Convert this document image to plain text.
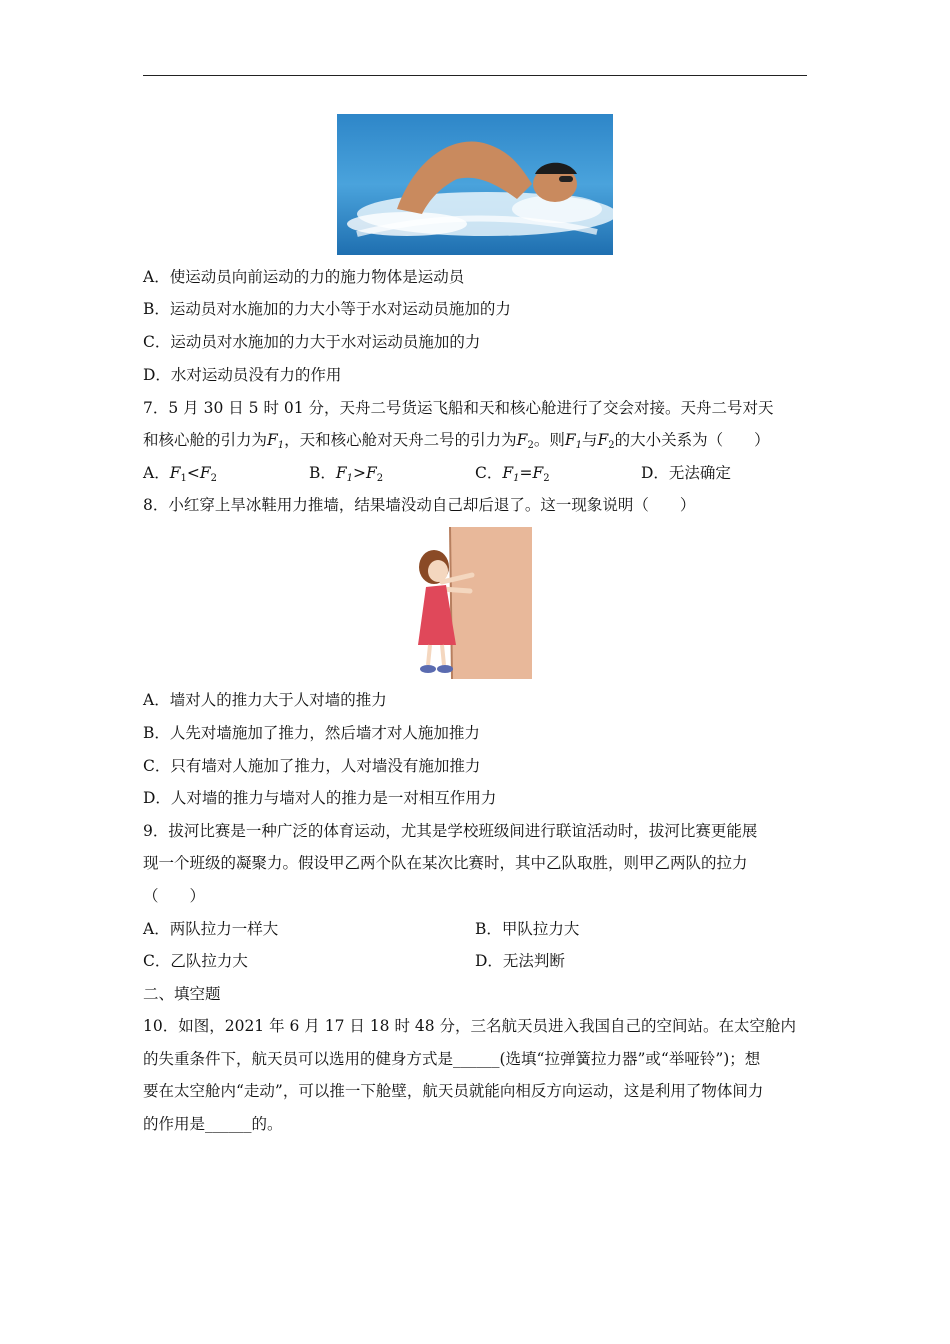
A．使运动员向前运动的力的施力物体是运动员
B．运动员对水施加的力大小等于水对运动员施加的力
C．运动员对水施加的力大于水对运动员施加的力
D．水对运动员没有力的作用
7．5 月 30 日 5 时 01 分，天舟二号货运飞船和天和核心舱进行了交会对接。天舟二号对天
和核心舱的引力为$F_1$，天和核心舱对天舟二号的引力为$F_2$。则$F_1$与$F_2$的大小关系为（　　）
A．$F_1<F_2$	B．$F_1>F_2$	C．$F_1=F_2$	D．无法确定
8．小红穿上旱冰鞋用力推墙，结果墙没动自己却后退了。这一现象说明（　　）
A．墙对人的推力大于人对墙的推力
B．人先对墙施加了推力，然后墙才对人施加推力
C．只有墙对人施加了推力，人对墙没有施加推力
D．人对墙的推力与墙对人的推力是一对相互作用力
9．拔河比赛是一种广泛的体育运动，尤其是学校班级间进行联谊活动时，拔河比赛更能展
现一个班级的凝聚力。假设甲乙两个队在某次比赛时，其中乙队取胜，则甲乙两队的拉力
（　　）
A．两队拉力一样大	B．甲队拉力大
C．乙队拉力大	D．无法判断
二、填空题
10．如图，2021 年 6 月 17 日 18 时 48 分，三名航天员进入我国自己的空间站。在太空舱内
的失重条件下，航天员可以选用的健身方式是______(选填“拉弹簧拉力器”或“举哑铃”)；想
要在太空舱内“走动”，可以推一下舱壁，航天员就能向相反方向运动，这是利用了物体间力
的作用是______的。
